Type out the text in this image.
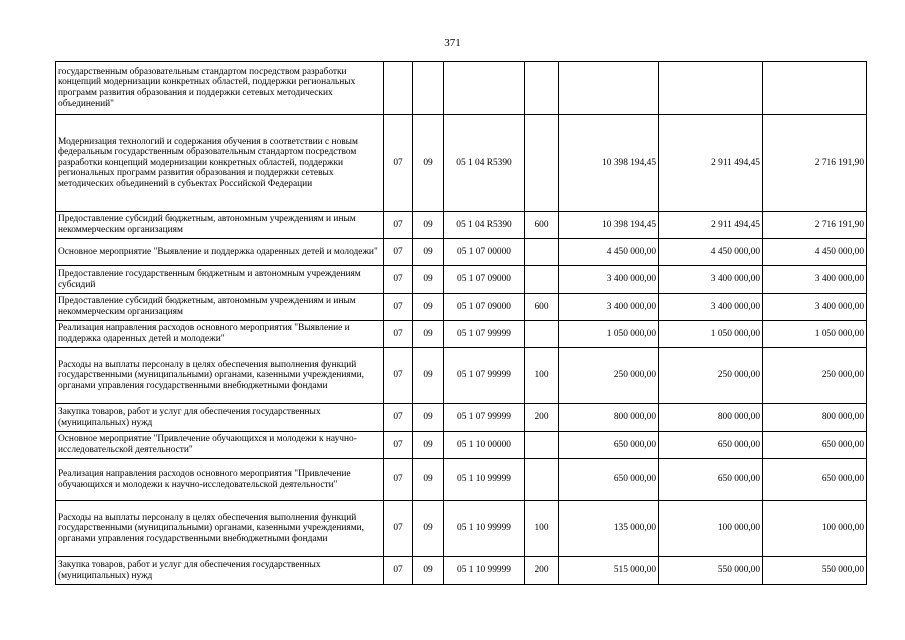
371
государственным образовательным стандартом посредством разработки концепций модернизации конкретных областей, поддержки региональных программ развития образования и поддержки сетевых методических объединений"							
Модернизация технологий и содержания обучения в соответствии с новым федеральным государственным образовательным стандартом посредством разработки концепций модернизации конкретных областей, поддержки региональных программ развития образования и поддержки сетевых методических объединений в субъектах Российской Федерации	07	09	05 1 04 R5390		10 398 194,45	2 911 494,45	2 716 191,90
Предоставление субсидий бюджетным, автономным учреждениям и иным некоммерческим организациям	07	09	05 1 04 R5390	600	10 398 194,45	2 911 494,45	2 716 191,90
Основное мероприятие "Выявление и поддержка одаренных детей и молодежи"	07	09	05 1 07 00000		4 450 000,00	4 450 000,00	4 450 000,00
Предоставление государственным бюджетным и автономным учреждениям субсидий	07	09	05 1 07 09000		3 400 000,00	3 400 000,00	3 400 000,00
Предоставление субсидий бюджетным, автономным учреждениям и иным некоммерческим организациям	07	09	05 1 07 09000	600	3 400 000,00	3 400 000,00	3 400 000,00
Реализация направления расходов основного мероприятия "Выявление и поддержка одаренных детей и молодежи"	07	09	05 1 07 99999		1 050 000,00	1 050 000,00	1 050 000,00
Расходы на выплаты персоналу в целях обеспечения выполнения функций государственными (муниципальными) органами, казенными учреждениями, органами управления государственными внебюджетными фондами	07	09	05 1 07 99999	100	250 000,00	250 000,00	250 000,00
Закупка товаров, работ и услуг для обеспечения государственных (муниципальных) нужд	07	09	05 1 07 99999	200	800 000,00	800 000,00	800 000,00
Основное мероприятие "Привлечение обучающихся и молодежи к научно-исследовательской деятельности"	07	09	05 1 10 00000		650 000,00	650 000,00	650 000,00
Реализация направления расходов основного мероприятия "Привлечение обучающихся и молодежи к научно-исследовательской деятельности"	07	09	05 1 10 99999		650 000,00	650 000,00	650 000,00
Расходы на выплаты персоналу в целях обеспечения выполнения функций государственными (муниципальными) органами, казенными учреждениями, органами управления государственными внебюджетными фондами	07	09	05 1 10 99999	100	135 000,00	100 000,00	100 000,00
Закупка товаров, работ и услуг для обеспечения государственных (муниципальных) нужд	07	09	05 1 10 99999	200	515 000,00	550 000,00	550 000,00
